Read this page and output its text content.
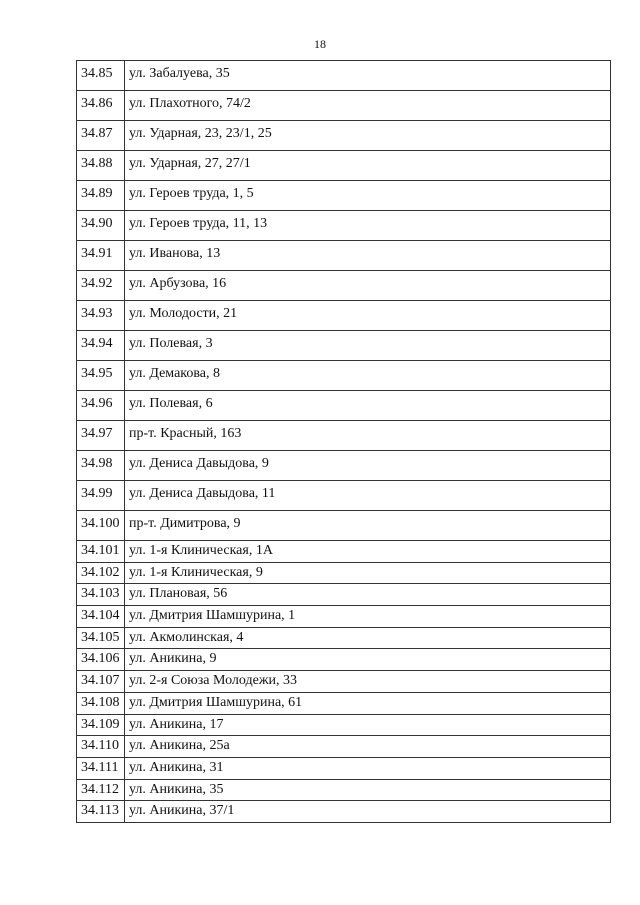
18
34.85	ул. Забалуева, 35
34.86	ул. Плахотного, 74/2
34.87	ул. Ударная, 23, 23/1, 25
34.88	ул. Ударная, 27, 27/1
34.89	ул. Героев труда, 1, 5
34.90	ул. Героев труда, 11, 13
34.91	ул. Иванова, 13
34.92	ул. Арбузова, 16
34.93	ул. Молодости, 21
34.94	ул. Полевая, 3
34.95	ул. Демакова, 8
34.96	ул. Полевая, 6
34.97	пр-т. Красный, 163
34.98	ул. Дениса Давыдова, 9
34.99	ул. Дениса Давыдова, 11
34.100	пр-т. Димитрова, 9
34.101	ул. 1-я Клиническая, 1А
34.102	ул. 1-я Клиническая, 9
34.103	ул. Плановая, 56
34.104	ул. Дмитрия Шамшурина, 1
34.105	ул. Акмолинская, 4
34.106	ул. Аникина, 9
34.107	ул. 2-я Союза Молодежи, 33
34.108	ул. Дмитрия Шамшурина, 61
34.109	ул. Аникина, 17
34.110	ул. Аникина, 25а
34.111	ул. Аникина, 31
34.112	ул. Аникина, 35
34.113	ул. Аникина, 37/1
